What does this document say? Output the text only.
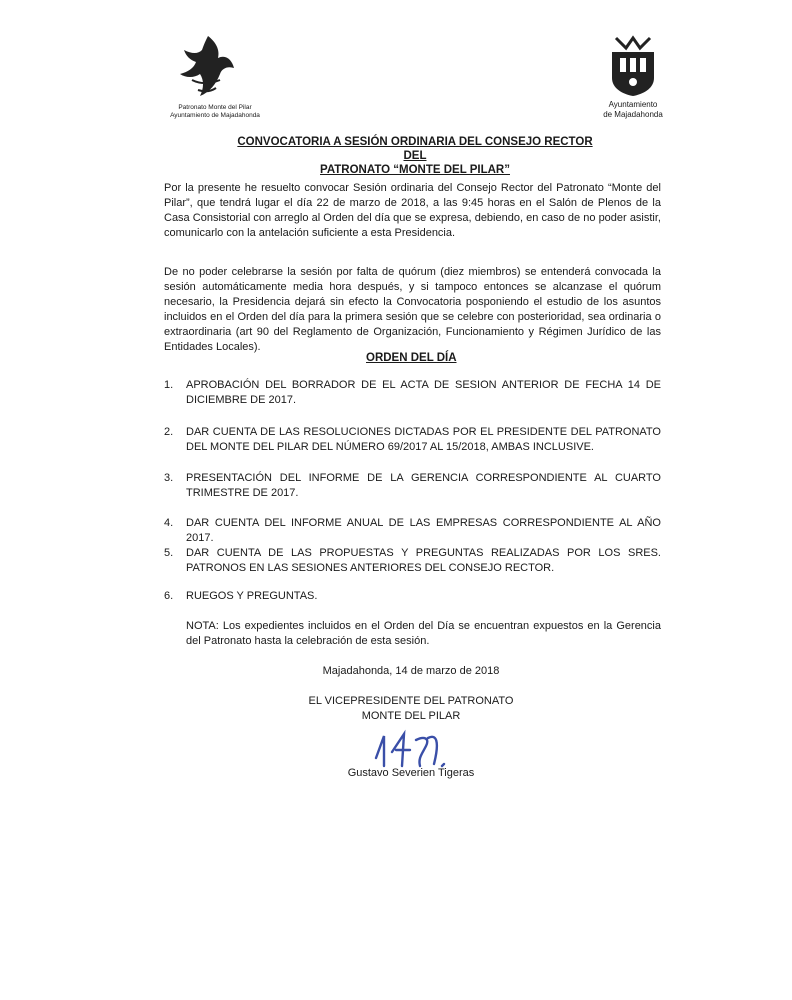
Patronato Monte del Pilar
Ayuntamiento de Majadahonda
Ayuntamiento
de Majadahonda
CONVOCATORIA A SESIÓN ORDINARIA DEL CONSEJO RECTOR DEL
PATRONATO “MONTE DEL PILAR”

Por la presente he resuelto convocar Sesión ordinaria del Consejo Rector del Patronato “Monte del Pilar”, que tendrá lugar el día 22 de marzo de 2018, a las 9:45 horas en el Salón de Plenos de la Casa Consistorial con arreglo al Orden del día que se expresa, debiendo, en caso de no poder asistir, comunicarlo con la antelación suficiente a esta Presidencia.

De no poder celebrarse la sesión por falta de quórum (diez miembros) se entenderá convocada la sesión automáticamente media hora después, y si tampoco entonces se alcanzase el quórum necesario, la Presidencia dejará sin efecto la Convocatoria posponiendo el estudio de los asuntos incluidos en el Orden del día para la primera sesión que se celebre con posterioridad, sea ordinaria o extraordinaria (art 90 del Reglamento de Organización, Funcionamiento y Régimen Jurídico de las Entidades Locales).

ORDEN DEL DÍA
1.	APROBACIÓN DEL BORRADOR DE EL ACTA DE SESION ANTERIOR DE FECHA 14 DE DICIEMBRE DE 2017.
2.	DAR CUENTA DE LAS RESOLUCIONES DICTADAS POR EL PRESIDENTE DEL PATRONATO DEL MONTE DEL PILAR DEL NÚMERO 69/2017 AL 15/2018, AMBAS INCLUSIVE.
3.	PRESENTACIÓN DEL INFORME DE LA GERENCIA CORRESPONDIENTE AL CUARTO TRIMESTRE DE 2017.
4.	DAR CUENTA DEL INFORME ANUAL DE LAS EMPRESAS CORRESPONDIENTE AL AÑO 2017.
5.	DAR CUENTA DE LAS PROPUESTAS Y PREGUNTAS REALIZADAS POR LOS SRES. PATRONOS EN LAS SESIONES ANTERIORES DEL CONSEJO RECTOR.
6.	RUEGOS Y PREGUNTAS.
NOTA: Los expedientes incluidos en el Orden del Día se encuentran expuestos en la Gerencia del Patronato hasta la celebración de esta sesión.
Majadahonda, 14 de marzo de 2018
EL VICEPRESIDENTE DEL PATRONATO
MONTE DEL PILAR
Gustavo Severien Tigeras
